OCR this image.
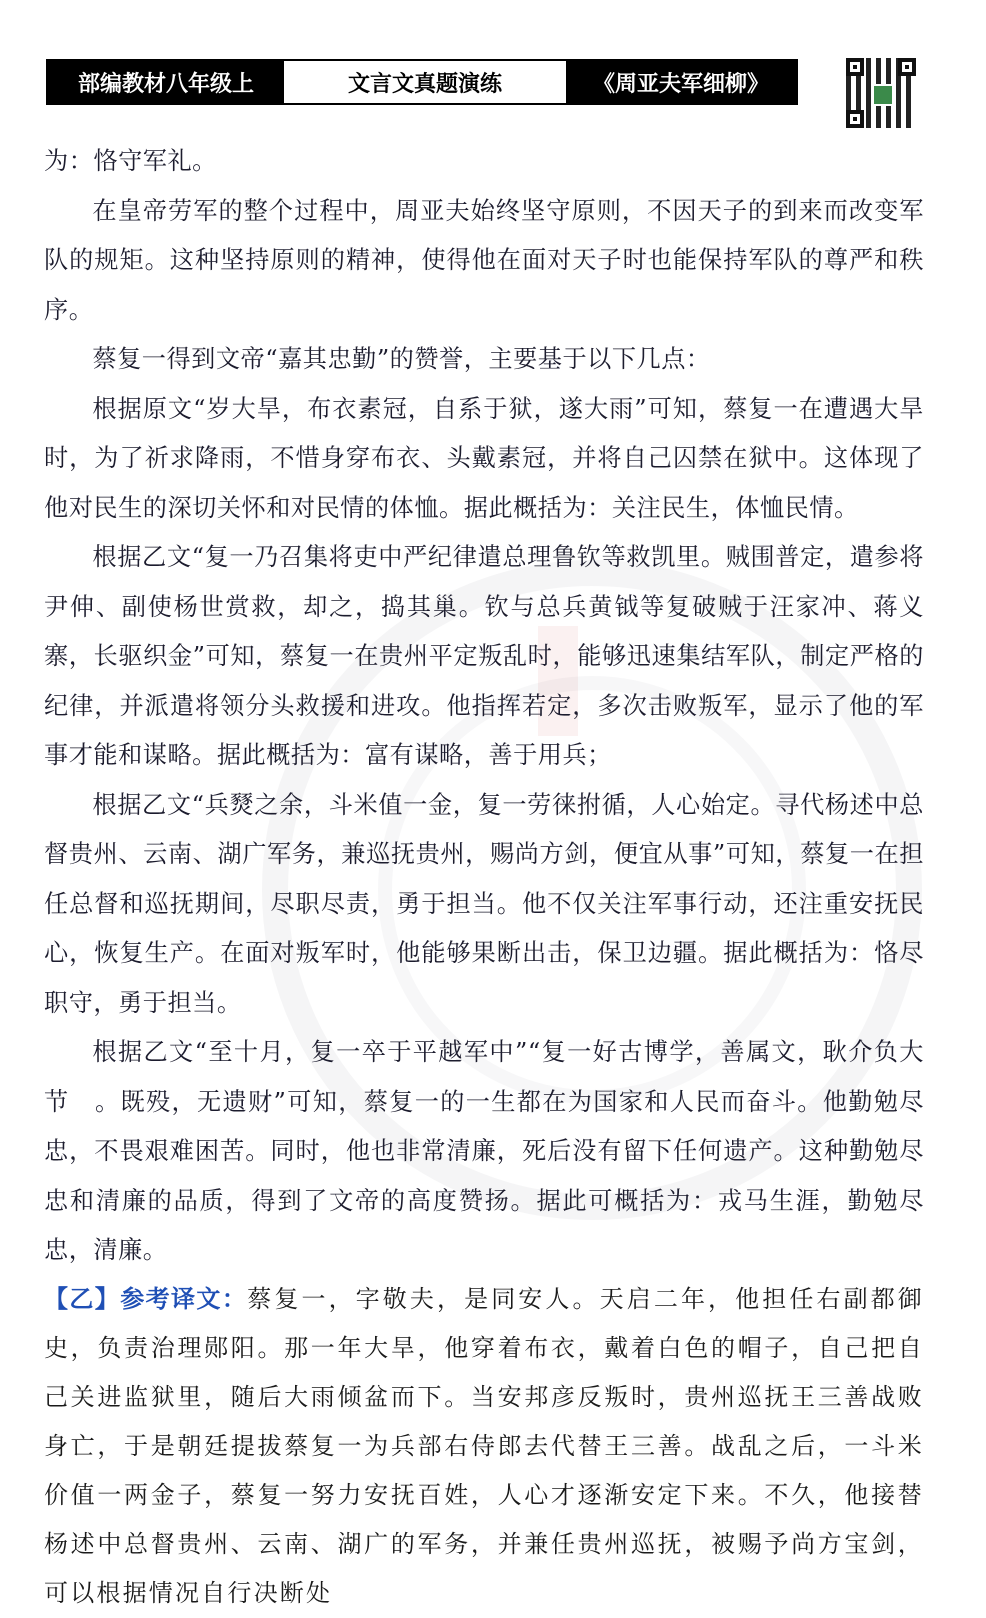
部编教材八年级上	文言文真题演练	《周亚夫军细柳》

为：恪守军礼。

在皇帝劳军的整个过程中，周亚夫始终坚守原则，不因天子的到来而改变军队的规矩。这种坚持原则的精神，使得他在面对天子时也能保持军队的尊严和秩序。

蔡复一得到文帝“嘉其忠勤”的赞誉，主要基于以下几点：

根据原文“岁大旱，布衣素冠，自系于狱，遂大雨”可知，蔡复一在遭遇大旱时，为了祈求降雨，不惜身穿布衣、头戴素冠，并将自己囚禁在狱中。这体现了他对民生的深切关怀和对民情的体恤。据此概括为：关注民生，体恤民情。

根据乙文“复一乃召集将吏中严纪律遣总理鲁钦等救凯里。贼围普定，遣参将尹伸、副使杨世赏救，却之，捣其巢。钦与总兵黄钺等复破贼于汪家冲、蒋义寨，长驱织金”可知，蔡复一在贵州平定叛乱时，能够迅速集结军队，制定严格的纪律，并派遣将领分头救援和进攻。他指挥若定，多次击败叛军，显示了他的军事才能和谋略。据此概括为：富有谋略，善于用兵；

根据乙文“兵燹之余，斗米值一金，复一劳徕拊循，人心始定。寻代杨述中总督贵州、云南、湖广军务，兼巡抚贵州，赐尚方剑，便宜从事”可知，蔡复一在担任总督和巡抚期间，尽职尽责，勇于担当。他不仅关注军事行动，还注重安抚民心，恢复生产。在面对叛军时，他能够果断出击，保卫边疆。据此概括为：恪尽职守，勇于担当。

根据乙文“至十月，复一卒于平越军中”“复一好古博学，善属文，耿介负大节　。既殁，无遗财”可知，蔡复一的一生都在为国家和人民而奋斗。他勤勉尽忠，不畏艰难困苦。同时，他也非常清廉，死后没有留下任何遗产。这种勤勉尽忠和清廉的品质，得到了文帝的高度赞扬。据此可概括为：戎马生涯，勤勉尽忠，清廉。

【乙】参考译文：蔡复一，字敬夫，是同安人。天启二年，他担任右副都御史，负责治理郧阳。那一年大旱，他穿着布衣，戴着白色的帽子，自己把自己关进监狱里，随后大雨倾盆而下。当安邦彦反叛时，贵州巡抚王三善战败身亡，于是朝廷提拔蔡复一为兵部右侍郎去代替王三善。战乱之后，一斗米价值一两金子，蔡复一努力安抚百姓，人心才逐渐安定下来。不久，他接替杨述中总督贵州、云南、湖广的军务，并兼任贵州巡抚，被赐予尚方宝剑，可以根据情况自行决断处
